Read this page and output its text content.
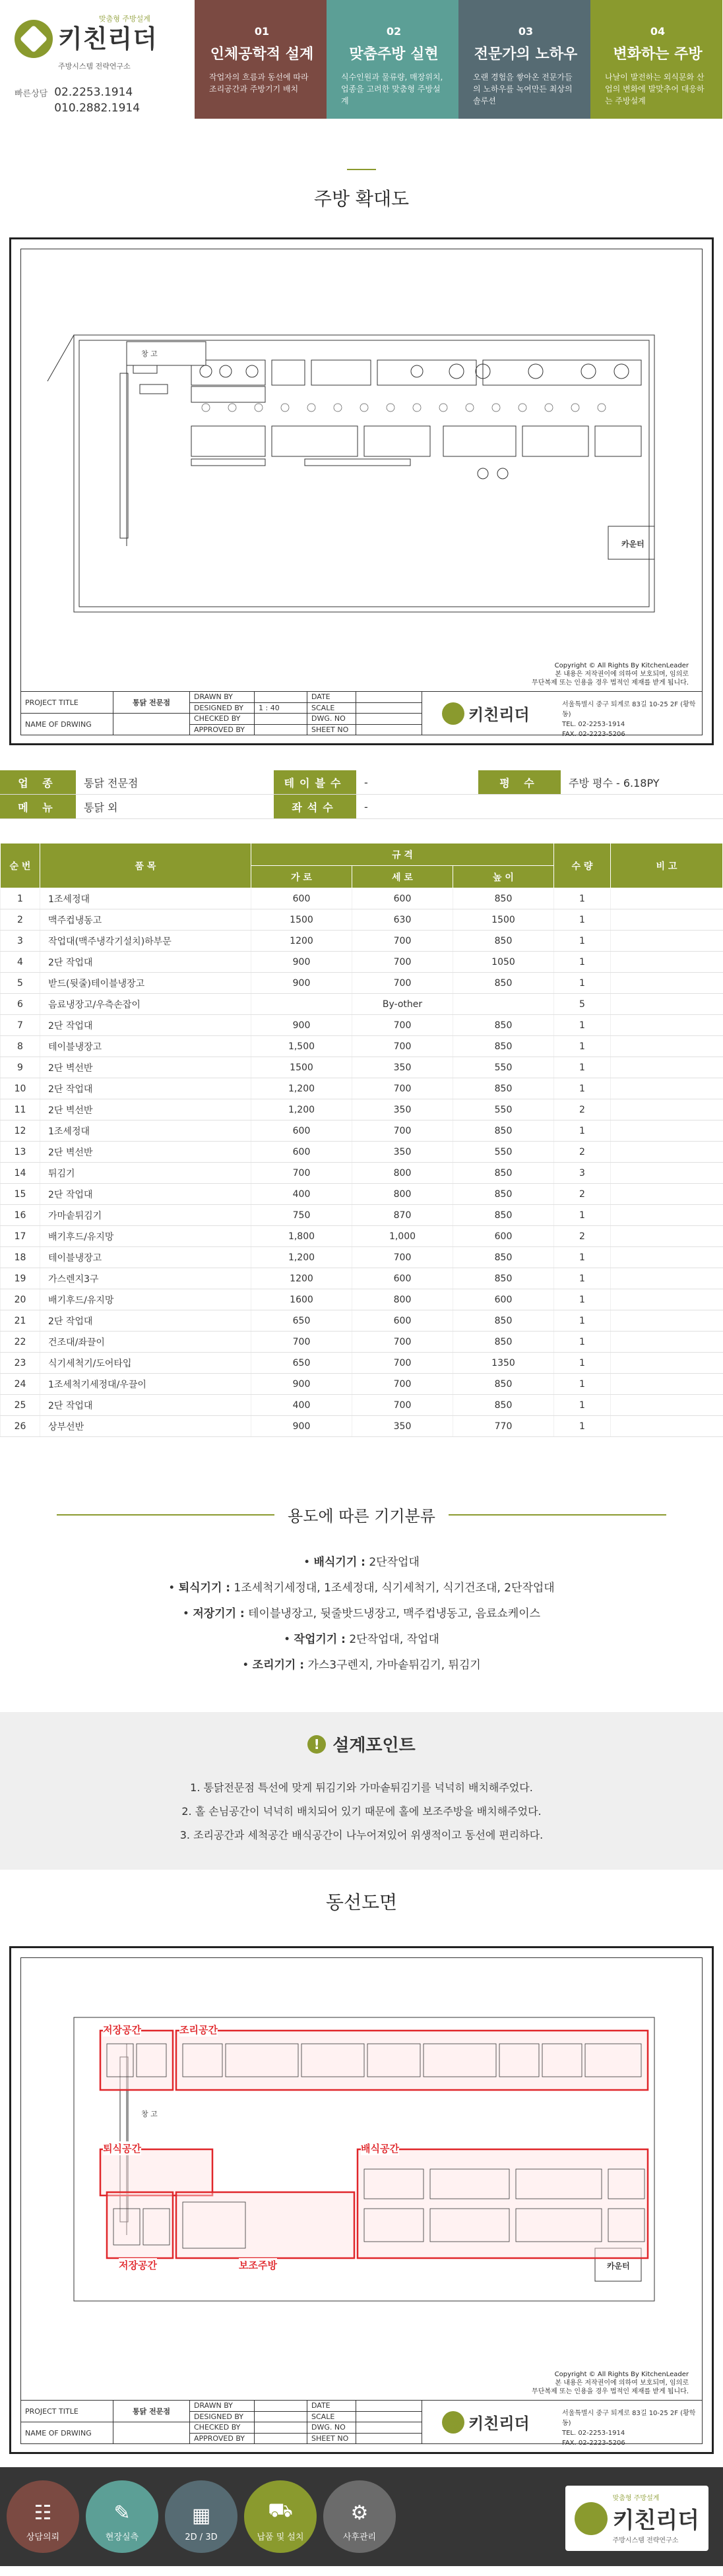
맞춤형 주방설계
키친리더
주방시스템 전략연구소
빠른상담 02.2253.1914
010.2882.1914
01
인체공학적 설계
작업자의 흐름과 동선에 따라 조리공간과 주방기기 배치
02
맞춤주방 실현
식수인원과 물류량, 매장위치, 업종을 고려한 맞춤형 주방설계
03
전문가의 노하우
오랜 경험을 쌓아온 전문가들의 노하우를 녹여만든 최상의 솔루션
04
변화하는 주방
나날이 발전하는 외식문화 산업의 변화에 발맞추어 대응하는 주방설계
주방 확대도
창 고
카운터
Copyright © All Rights By KitchenLeader
본 내용은 저작권이에 의하여 보호되며, 임의로
무단복제 또는 인용을 경우 법적인 제재를 받게 됩니다.
PROJECT TITLE
NAME OF DRWING
통닭 전문점
DRAWN BY
DESIGNED BY
CHECKED BY
APPROVED BY
1 : 40
DATE
SCALE
DWG. NO
SHEET NO
키친리더
서울특별시 중구 퇴계로 83길 10-25 2F (황학동)
TEL. 02-2253-1914
FAX. 02-2223-5206
업 종	통닭 전문점	테이블수	-	평 수	주방 평수 - 6.18PY
메 뉴	통닭 외	좌석수	-
순 번	품 목	규 격			수 량	비 고
		가 로	세 로	높 이		
1	1조세정대	600	600	850	1	
2	맥주컵냉동고	1500	630	1500	1	
3	작업대(맥주냉각기설치)하부문	1200	700	850	1	
4	2단 작업대	900	700	1050	1	
5	받드(뒷줄)테이블냉장고	900	700	850	1	
6	음료냉장고/우측손잡이		By-other		5	
7	2단 작업대	900	700	850	1	
8	테이블냉장고	1,500	700	850	1	
9	2단 벽선반	1500	350	550	1	
10	2단 작업대	1,200	700	850	1	
11	2단 벽선반	1,200	350	550	2	
12	1조세정대	600	700	850	1	
13	2단 벽선반	600	350	550	2	
14	튀김기	700	800	850	3	
15	2단 작업대	400	800	850	2	
16	가마솥튀김기	750	870	850	1	
17	배기후드/유지망	1,800	1,000	600	2	
18	테이블냉장고	1,200	700	850	1	
19	가스렌지3구	1200	600	850	1	
20	배기후드/유지망	1600	800	600	1	
21	2단 작업대	650	600	850	1	
22	건조대/좌끌이	700	700	850	1	
23	식기세척기/도어타입	650	700	1350	1	
24	1조세척기세정대/우끌이	900	700	850	1	
25	2단 작업대	400	700	850	1	
26	상부선반	900	350	770	1	
용도에 따른 기기분류
• 배식기기 : 2단작업대
• 퇴식기기 : 1조세척기세정대, 1조세정대, 식기세척기, 식기건조대, 2단작업대
• 저장기기 : 테이블냉장고, 뒷줄밧드냉장고, 맥주컵냉동고, 음료쇼케이스
• 작업기기 : 2단작업대, 작업대
• 조리기기 : 가스3구렌지, 가마솥튀김기, 튀김기
! 설계포인트
1. 통닭전문점 특선에 맞게 튀김기와 가마솥튀김기를 넉넉히 배치해주었다.
2. 홀 손님공간이 넉넉히 배치되어 있기 때문에 홀에 보조주방을 배치해주었다.
3. 조리공간과 세척공간 배식공간이 나누어져있어 위생적이고 동선에 편리하다.
동선도면
저장공간	조리공간
퇴식공간	배식공간
저장공간	보조주방
창 고
카운터
Copyright © All Rights By KitchenLeader
본 내용은 저작권이에 의하여 보호되며, 임의로
무단복제 또는 인용을 경우 법적인 제재를 받게 됩니다.
PROJECT TITLE
NAME OF DRWING
통닭 전문점
DRAWN BY
DESIGNED BY
CHECKED BY
APPROVED BY
DATE
SCALE
DWG. NO
SHEET NO
키친리더
서울특별시 중구 퇴계로 83길 10-25 2F (황학동)
TEL. 02-2253-1914
FAX. 02-2223-5206
☷
상담의뢰
✎
현장실측
▦
2D / 3D
⛟
납품 및 설치
⚙
사후관리
맞춤형 주방설계
키친리더
주방시스템 전략연구소
